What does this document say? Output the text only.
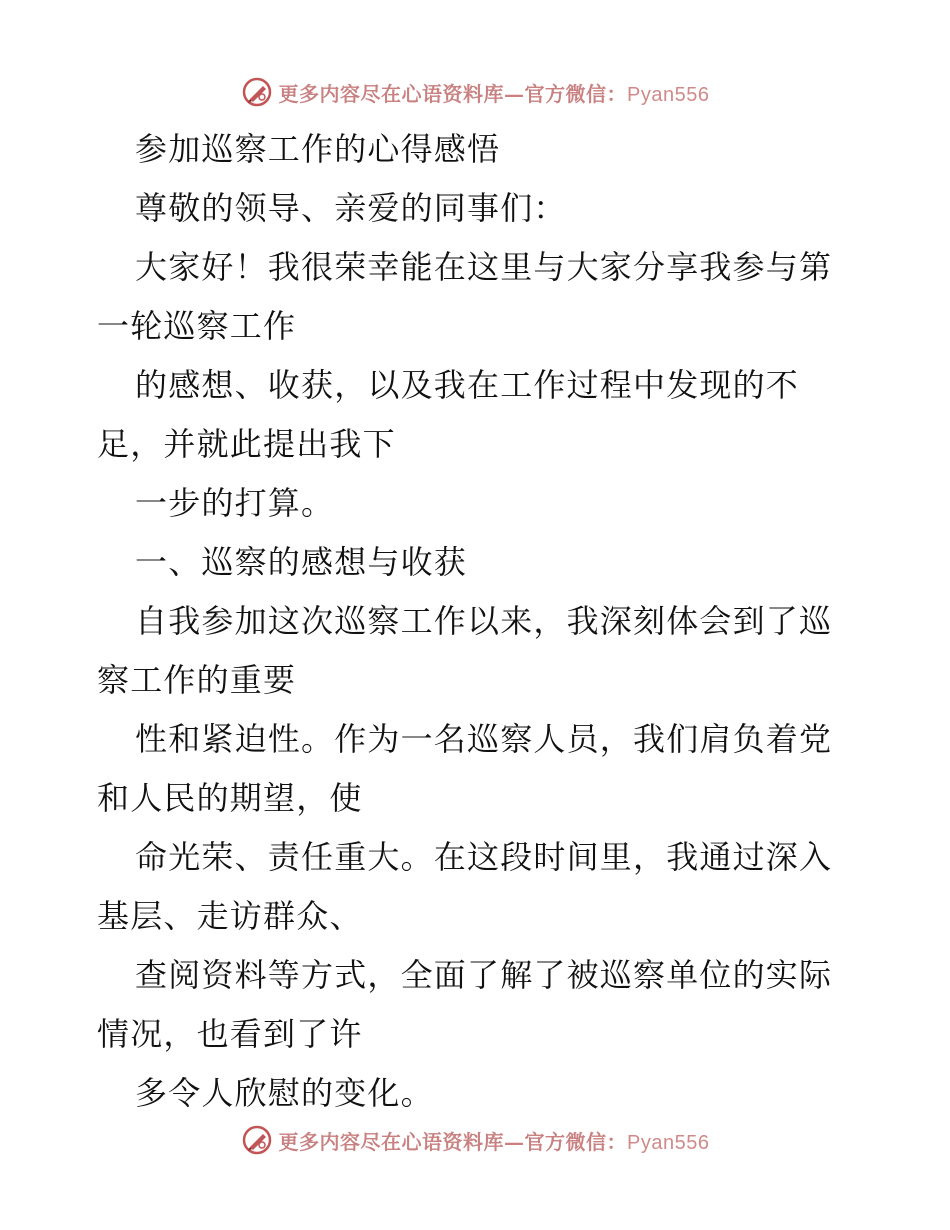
更多内容尽在心语资料库—官方微信：Pyan556
参加巡察工作的心得感悟
尊敬的领导、亲爱的同事们：
大家好！我很荣幸能在这里与大家分享我参与第
一轮巡察工作
的感想、收获，以及我在工作过程中发现的不
足，并就此提出我下
一步的打算。
一、巡察的感想与收获
自我参加这次巡察工作以来，我深刻体会到了巡
察工作的重要
性和紧迫性。作为一名巡察人员，我们肩负着党
和人民的期望，使
命光荣、责任重大。在这段时间里，我通过深入
基层、走访群众、
查阅资料等方式，全面了解了被巡察单位的实际
情况，也看到了许
多令人欣慰的变化。
更多内容尽在心语资料库—官方微信：Pyan556
